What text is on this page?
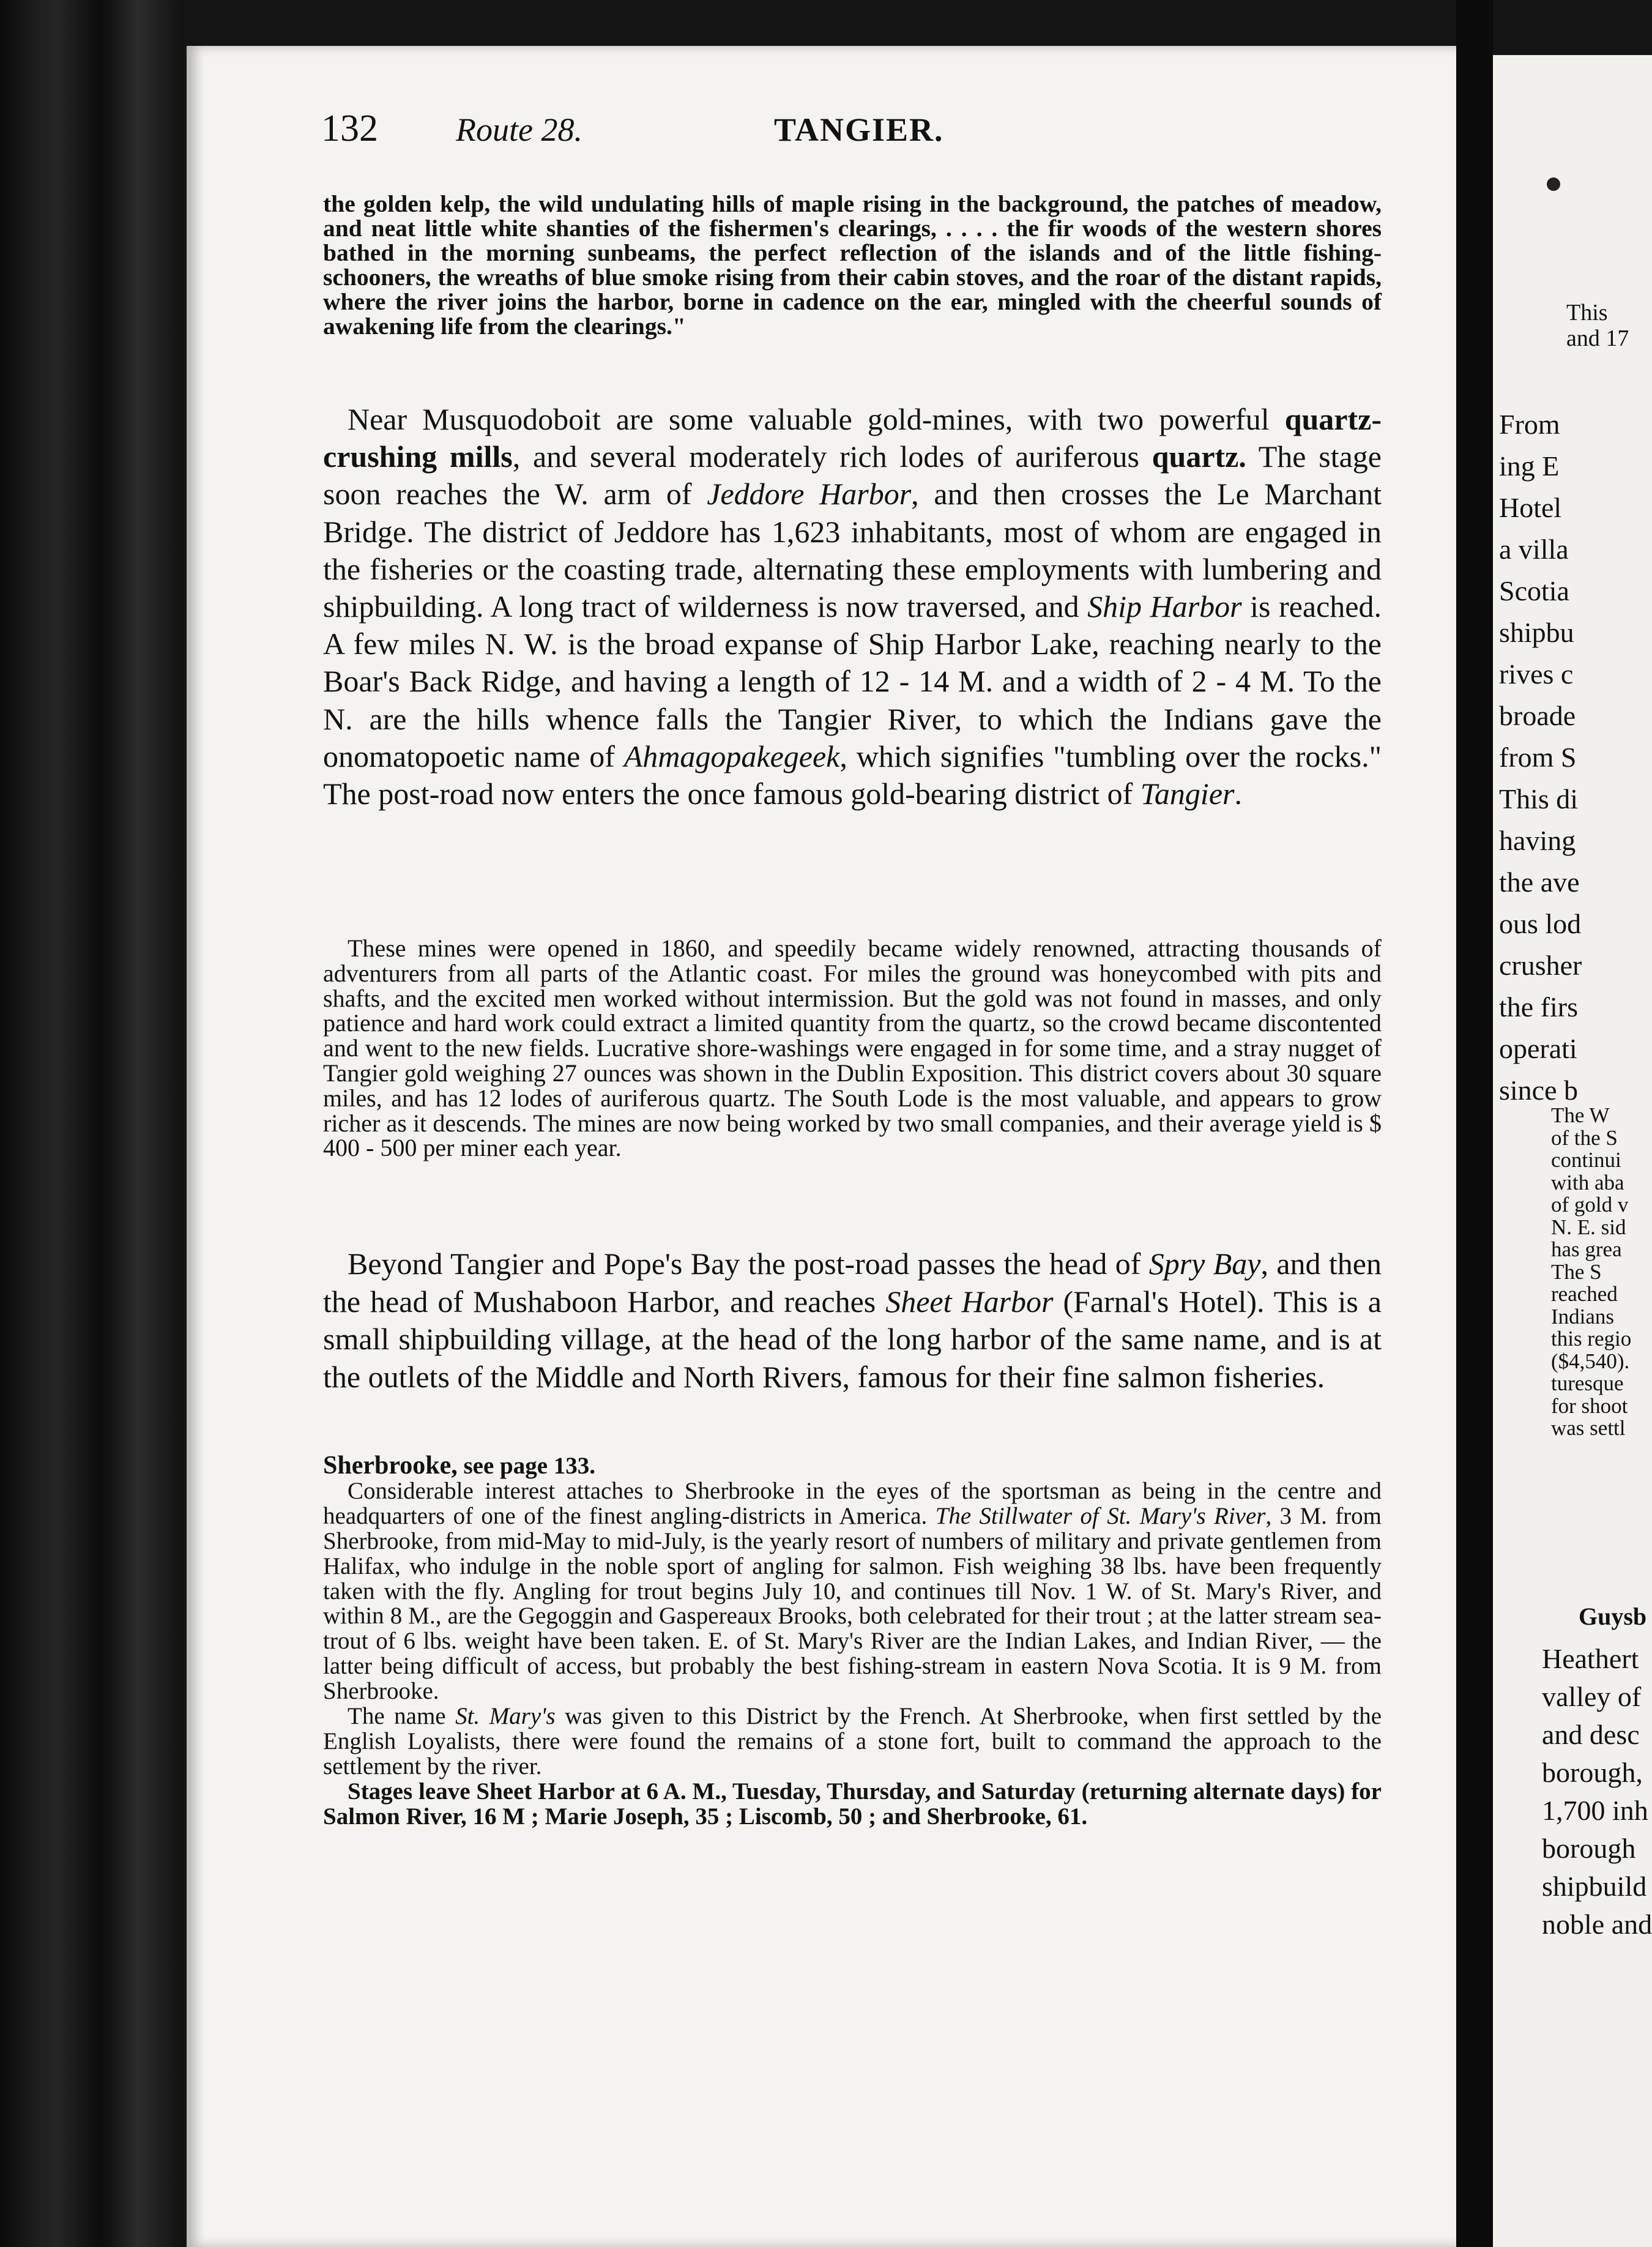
132 Route 28.	TANGIER.

the golden kelp, the wild undulating hills of maple rising in the background, the patches of meadow, and neat little white shanties of the fishermen's clearings, . . . . the fir woods of the western shores bathed in the morning sunbeams, the perfect reflection of the islands and of the little fishing-schooners, the wreaths of blue smoke rising from their cabin stoves, and the roar of the distant rapids, where the river joins the harbor, borne in cadence on the ear, mingled with the cheerful sounds of awakening life from the clearings."

Near Musquodoboit are some valuable gold-mines, with two powerful quartz-crushing mills, and several moderately rich lodes of auriferous quartz. The stage soon reaches the W. arm of Jeddore Harbor, and then crosses the Le Marchant Bridge. The district of Jeddore has 1,623 inhabitants, most of whom are engaged in the fisheries or the coasting trade, alternating these employments with lumbering and shipbuilding. A long tract of wilderness is now traversed, and Ship Harbor is reached. A few miles N. W. is the broad expanse of Ship Harbor Lake, reaching nearly to the Boar's Back Ridge, and having a length of 12 - 14 M. and a width of 2 - 4 M. To the N. are the hills whence falls the Tangier River, to which the Indians gave the onomatopoetic name of Ahmagopakegeek, which signifies "tumbling over the rocks." The post-road now enters the once famous gold-bearing district of Tangier.

These mines were opened in 1860, and speedily became widely renowned, attracting thousands of adventurers from all parts of the Atlantic coast. For miles the ground was honeycombed with pits and shafts, and the excited men worked without intermission. But the gold was not found in masses, and only patience and hard work could extract a limited quantity from the quartz, so the crowd became discontented and went to the new fields. Lucrative shore-washings were engaged in for some time, and a stray nugget of Tangier gold weighing 27 ounces was shown in the Dublin Exposition. This district covers about 30 square miles, and has 12 lodes of auriferous quartz. The South Lode is the most valuable, and appears to grow richer as it descends. The mines are now being worked by two small companies, and their average yield is $ 400 - 500 per miner each year.

Beyond Tangier and Pope's Bay the post-road passes the head of Spry Bay, and then the head of Mushaboon Harbor, and reaches Sheet Harbor (Farnal's Hotel). This is a small shipbuilding village, at the head of the long harbor of the same name, and is at the outlets of the Middle and North Rivers, famous for their fine salmon fisheries.

Sherbrooke, see page 133.
Considerable interest attaches to Sherbrooke in the eyes of the sportsman as being in the centre and headquarters of one of the finest angling-districts in America. The Stillwater of St. Mary's River, 3 M. from Sherbrooke, from mid-May to mid-July, is the yearly resort of numbers of military and private gentlemen from Halifax, who indulge in the noble sport of angling for salmon. Fish weighing 38 lbs. have been frequently taken with the fly. Angling for trout begins July 10, and continues till Nov. 1 W. of St. Mary's River, and within 8 M., are the Gegoggin and Gaspereaux Brooks, both celebrated for their trout ; at the latter stream sea-trout of 6 lbs. weight have been taken. E. of St. Mary's River are the Indian Lakes, and Indian River, — the latter being difficult of access, but probably the best fishing-stream in eastern Nova Scotia. It is 9 M. from Sherbrooke.
The name St. Mary's was given to this District by the French. At Sherbrooke, when first settled by the English Loyalists, there were found the remains of a stone fort, built to command the approach to the settlement by the river.
Stages leave Sheet Harbor at 6 A. M., Tuesday, Thursday, and Saturday (returning alternate days) for Salmon River, 16 M ; Marie Joseph, 35 ; Liscomb, 50 ; and Sherbrooke, 61.

This
and 17

From
ing E
Hotel
a villa
Scotia
shipbu
rives c
broade
from S
This di
having
the ave
ous lod
crusher
the firs
operati
since b

The W
of the S
continui
with aba
of gold v
N. E. sid
has grea
The S
reached
Indians
this regio
($4,540).
turesque
for shoot
was settl

Guysb

Heathert
valley of
and desc
borough,
1,700 inh
borough
shipbuild
noble and
